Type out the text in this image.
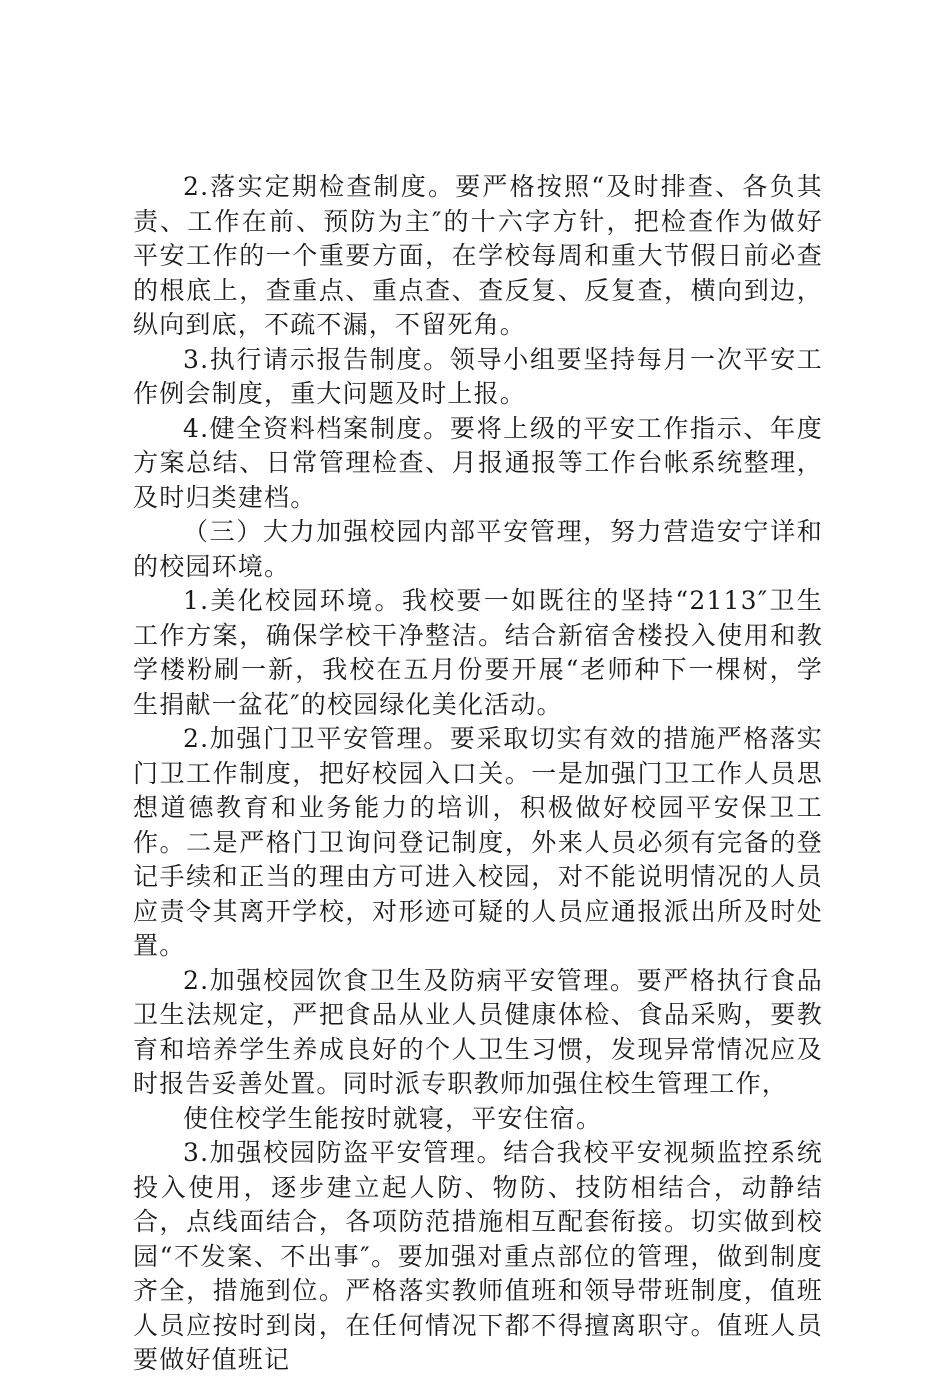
2.落实定期检查制度。要严格按照“及时排查、各负其责、工作在前、预防为主″的十六字方针，把检查作为做好平安工作的一个重要方面，在学校每周和重大节假日前必查的根底上，查重点、重点查、查反复、反复查，横向到边，纵向到底，不疏不漏，不留死角。

3.执行请示报告制度。领导小组要坚持每月一次平安工作例会制度，重大问题及时上报。

4.健全资料档案制度。要将上级的平安工作指示、年度方案总结、日常管理检查、月报通报等工作台帐系统整理，及时归类建档。

（三）大力加强校园内部平安管理，努力营造安宁详和的校园环境。

1.美化校园环境。我校要一如既往的坚持“2113″卫生工作方案，确保学校干净整洁。结合新宿舍楼投入使用和教学楼粉刷一新，我校在五月份要开展“老师种下一棵树，学生捐献一盆花″的校园绿化美化活动。

2.加强门卫平安管理。要采取切实有效的措施严格落实门卫工作制度，把好校园入口关。一是加强门卫工作人员思想道德教育和业务能力的培训，积极做好校园平安保卫工作。二是严格门卫询问登记制度，外来人员必须有完备的登记手续和正当的理由方可进入校园，对不能说明情况的人员应责令其离开学校，对形迹可疑的人员应通报派出所及时处置。

2.加强校园饮食卫生及防病平安管理。要严格执行食品卫生法规定，严把食品从业人员健康体检、食品采购，要教育和培养学生养成良好的个人卫生习惯，发现异常情况应及时报告妥善处置。同时派专职教师加强住校生管理工作，

使住校学生能按时就寝，平安住宿。

3.加强校园防盗平安管理。结合我校平安视频监控系统投入使用，逐步建立起人防、物防、技防相结合，动静结合，点线面结合，各项防范措施相互配套衔接。切实做到校园“不发案、不出事″。要加强对重点部位的管理，做到制度齐全，措施到位。严格落实教师值班和领导带班制度，值班人员应按时到岗，在任何情况下都不得擅离职守。值班人员要做好值班记
